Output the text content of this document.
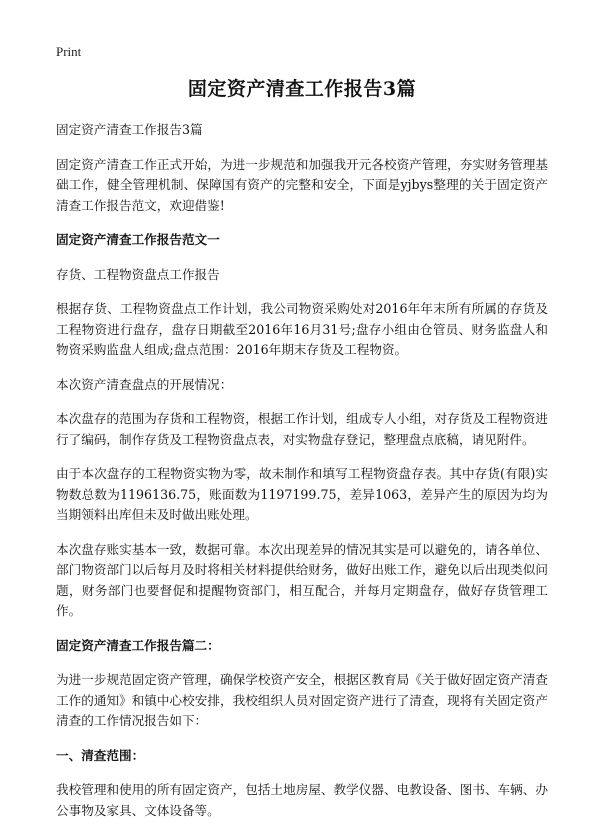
Print
固定资产清查工作报告3篇

固定资产清查工作报告3篇

固定资产清查工作正式开始，为进一步规范和加强我开元各校资产管理，夯实财务管理基础工作，健全管理机制、保障国有资产的完整和安全，下面是yjbys整理的关于固定资产清查工作报告范文，欢迎借鉴!

固定资产清查工作报告范文一

存货、工程物资盘点工作报告

根据存货、工程物资盘点工作计划，我公司物资采购处对2016年年末所有所属的存货及工程物资进行盘存，盘存日期截至2016年16月31号;盘存小组由仓管员、财务监盘人和物资采购监盘人组成;盘点范围：2016年期末存货及工程物资。

本次资产清查盘点的开展情况：

本次盘存的范围为存货和工程物资，根据工作计划，组成专人小组，对存货及工程物资进行了编码，制作存货及工程物资盘点表，对实物盘存登记，整理盘点底稿，请见附件。

由于本次盘存的工程物资实物为零，故未制作和填写工程物资盘存表。其中存货(有限)实物数总数为1196136.75，账面数为1197199.75，差异1063，差异产生的原因为均为当期领料出库但未及时做出账处理。

本次盘存账实基本一致，数据可靠。本次出现差异的情况其实是可以避免的，请各单位、部门物资部门以后每月及时将相关材料提供给财务，做好出账工作，避免以后出现类似问题，财务部门也要督促和提醒物资部门，相互配合，并每月定期盘存，做好存货管理工作。

固定资产清查工作报告篇二：

为进一步规范固定资产管理，确保学校资产安全，根据区教育局《关于做好固定资产清查工作的通知》和镇中心校安排，我校组织人员对固定资产进行了清查，现将有关固定资产清查的工作情况报告如下：

一、清查范围：

我校管理和使用的所有固定资产，包括土地房屋、教学仪器、电教设备、图书、车辆、办公事物及家具、文体设备等。
